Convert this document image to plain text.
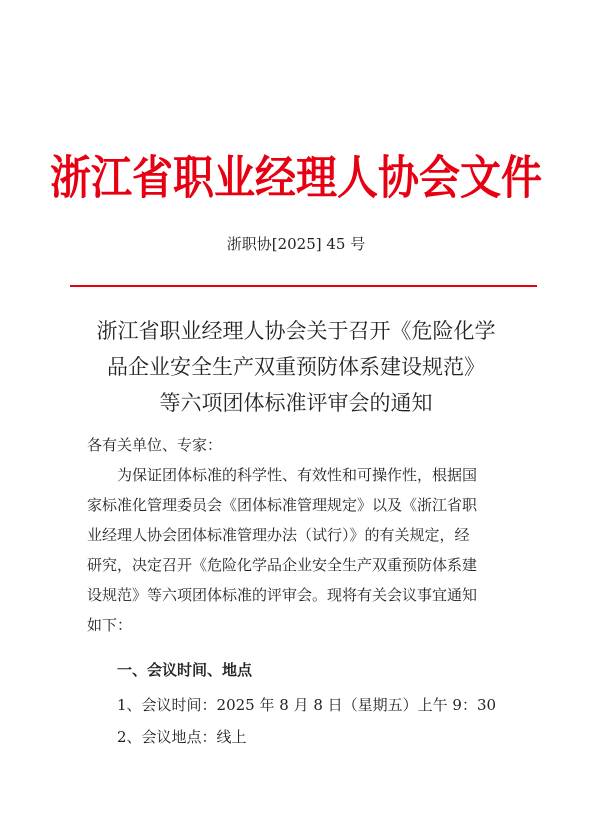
浙江省职业经理人协会文件
浙职协[2025] 45 号
浙江省职业经理人协会关于召开《危险化学
品企业安全生产双重预防体系建设规范》
等六项团体标准评审会的通知
各有关单位、专家：
为保证团体标准的科学性、有效性和可操作性，根据国
家标准化管理委员会《团体标准管理规定》以及《浙江省职
业经理人协会团体标准管理办法（试行）》的有关规定，经
研究，决定召开《危险化学品企业安全生产双重预防体系建
设规范》等六项团体标准的评审会。现将有关会议事宜通知
如下：
一、会议时间、地点
1、会议时间：2025 年 8 月 8 日（星期五）上午 9：30
2、会议地点：线上
